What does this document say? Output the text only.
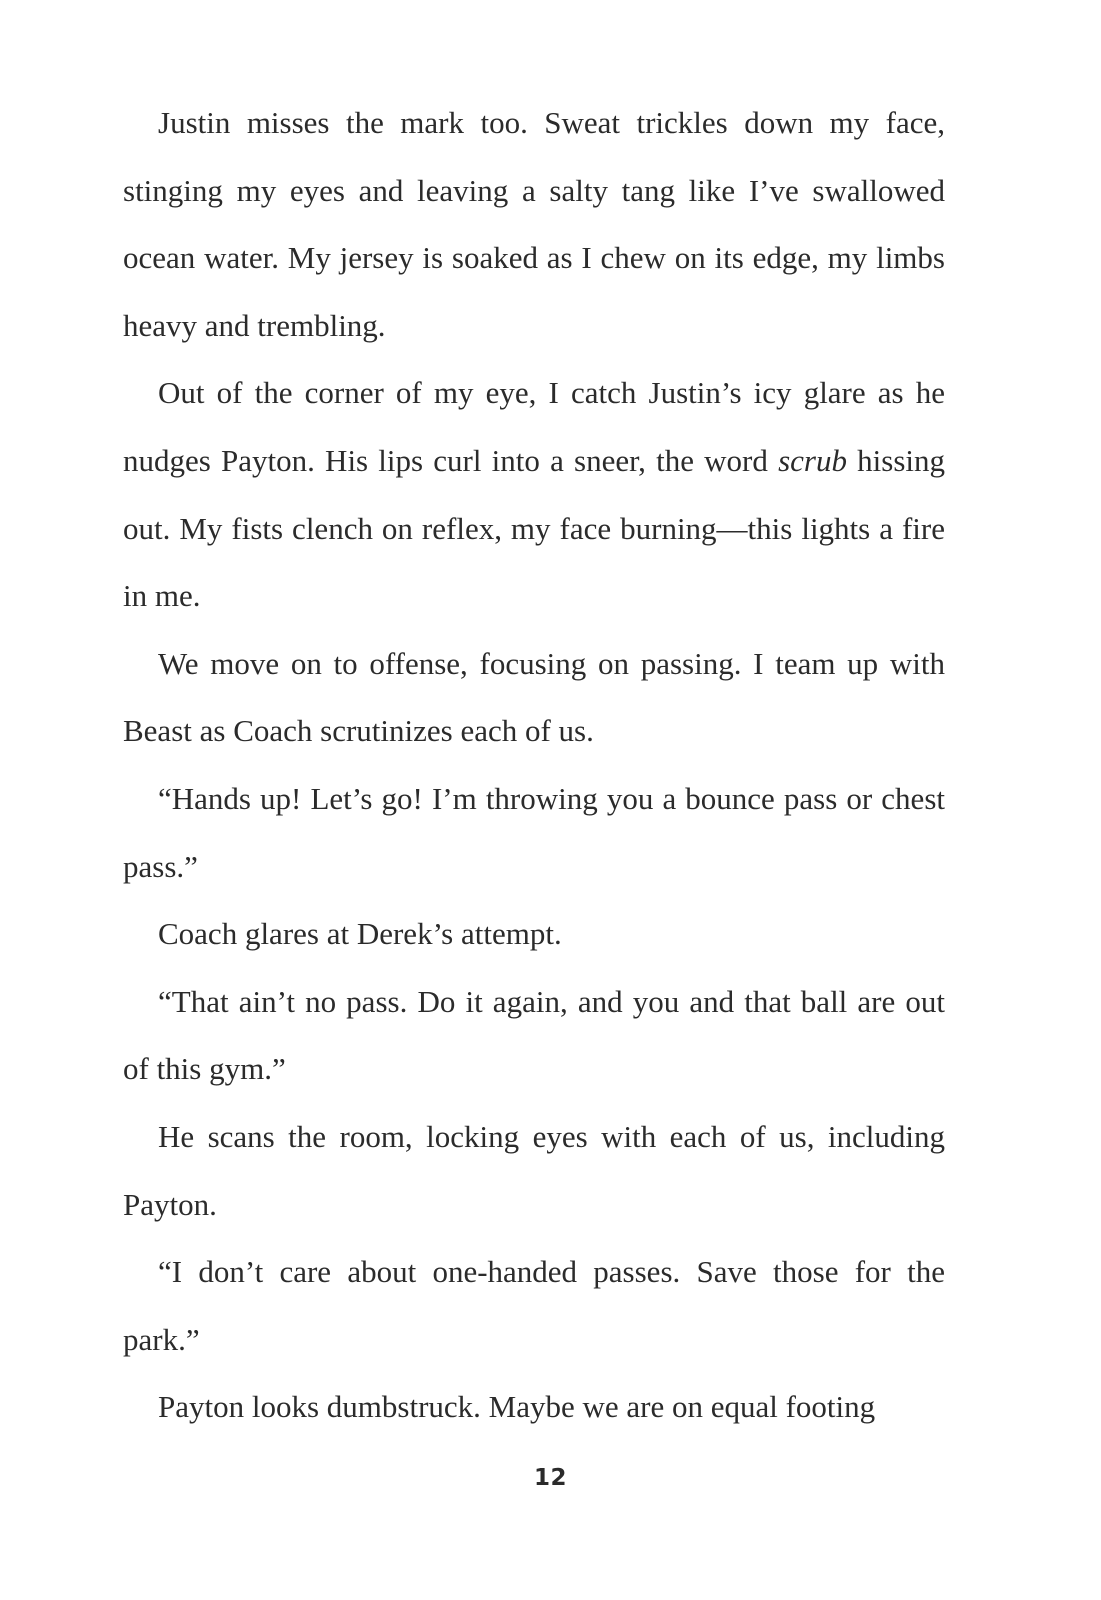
Justin misses the mark too. Sweat trickles down my face, stinging my eyes and leaving a salty tang like I’ve swallowed ocean water. My jersey is soaked as I chew on its edge, my limbs heavy and trembling.

Out of the corner of my eye, I catch Justin’s icy glare as he nudges Payton. His lips curl into a sneer, the word scrub hissing out. My fists clench on reflex, my face burning—this lights a fire in me.

We move on to offense, focusing on passing. I team up with Beast as Coach scrutinizes each of us.

“Hands up! Let’s go! I’m throwing you a bounce pass or chest pass.”

Coach glares at Derek’s attempt.

“That ain’t no pass. Do it again, and you and that ball are out of this gym.”

He scans the room, locking eyes with each of us, including Payton.

“I don’t care about one-handed passes. Save those for the park.”

Payton looks dumbstruck. Maybe we are on equal footing

12
